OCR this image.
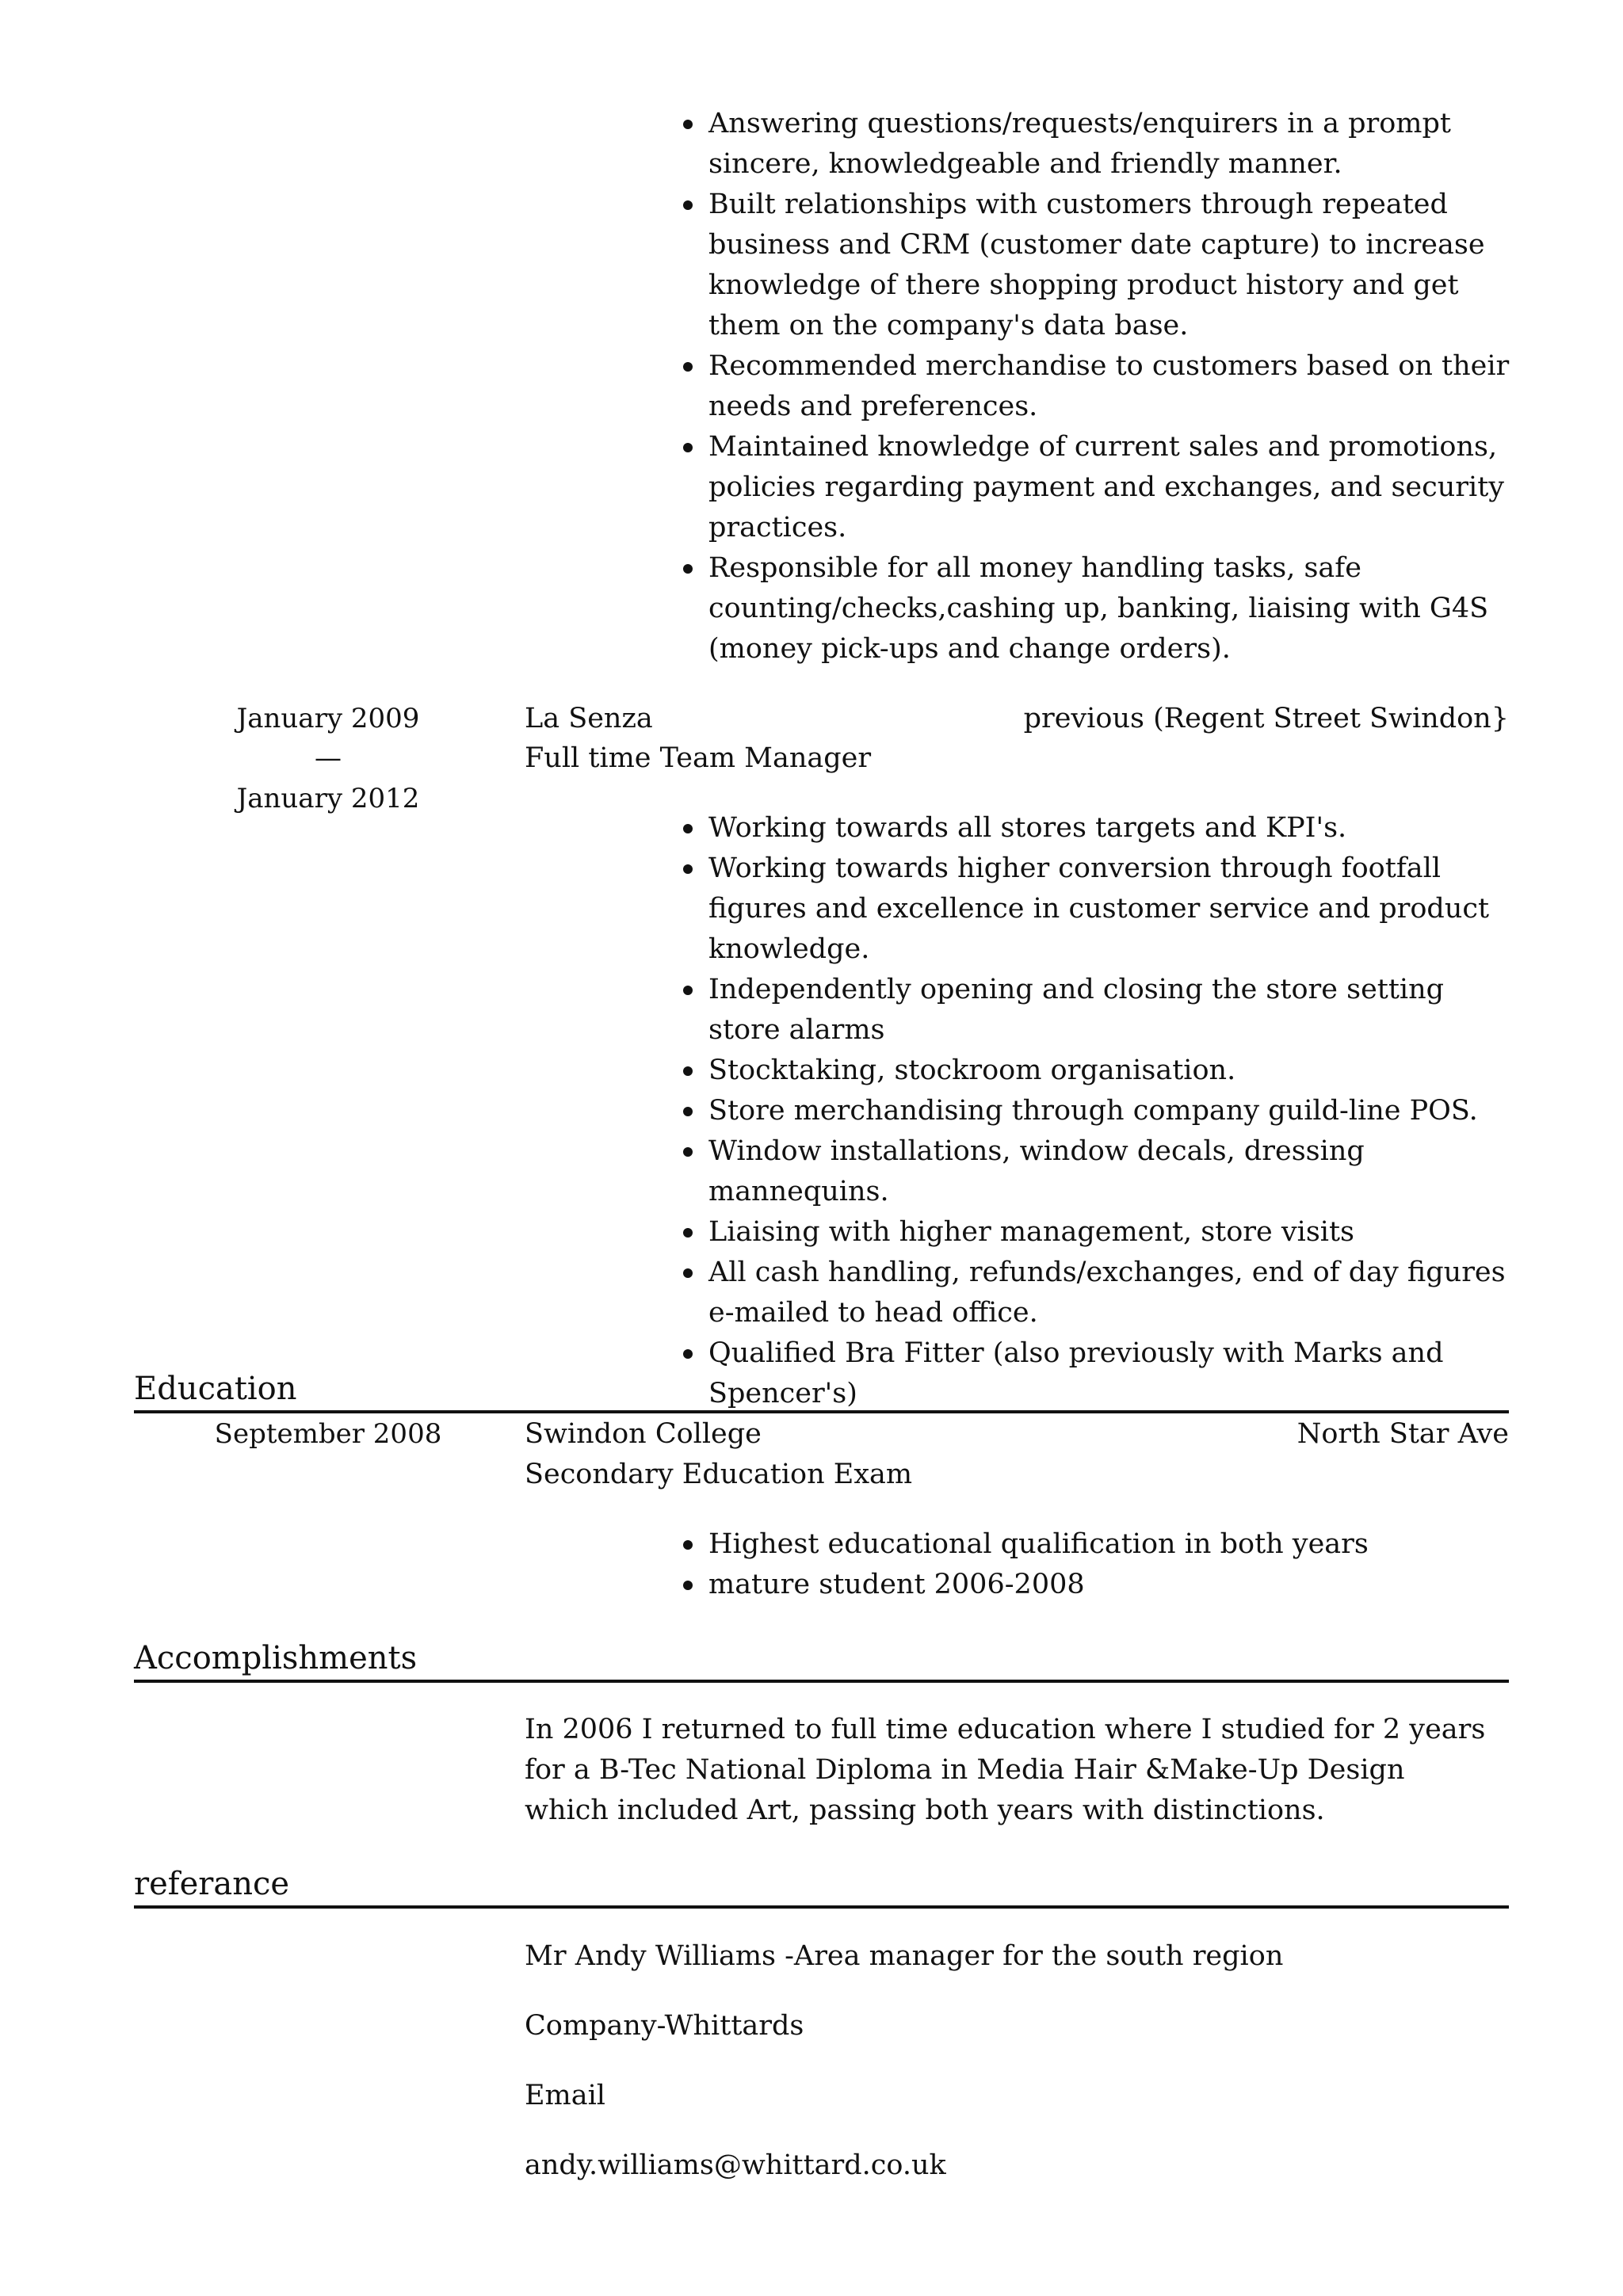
Answering questions/requests/enquirers in a prompt sincere, knowledgeable and friendly manner.
Built relationships with customers through repeated business and CRM (customer date capture) to increase knowledge of there shopping product history and get them on the company's data base.
Recommended merchandise to customers based on their needs and preferences.
Maintained knowledge of current sales and promotions, policies regarding payment and exchanges, and security practices.
Responsible for all money handling tasks, safe counting/checks,cashing up, banking, liaising with G4S (money pick-ups and change orders).
January 2009
—
January 2012
La Senza	previous (Regent Street Swindon}
Full time Team Manager
Working towards all stores targets and KPI's.
Working towards higher conversion through footfall figures and excellence in customer service and product knowledge.
Independently opening and closing the store setting store alarms
Stocktaking, stockroom organisation.
Store merchandising through company guild-line POS.
Window installations, window decals, dressing mannequins.
Liaising with higher management, store visits
All cash handling, refunds/exchanges, end of day figures e-mailed to head office.
Qualified Bra Fitter (also previously with Marks and Spencer's)
Education
September 2008	Swindon College	North Star Ave
Secondary Education Exam
Highest educational qualification in both years
mature student 2006-2008
Accomplishments
In 2006 I returned to full time education where I studied for 2 years for a B-Tec National Diploma in Media Hair &Make-Up Design which included Art, passing both years with distinctions.
referance
Mr Andy Williams -Area manager for the south region
Company-Whittards
Email
andy.williams@whittard.co.uk
